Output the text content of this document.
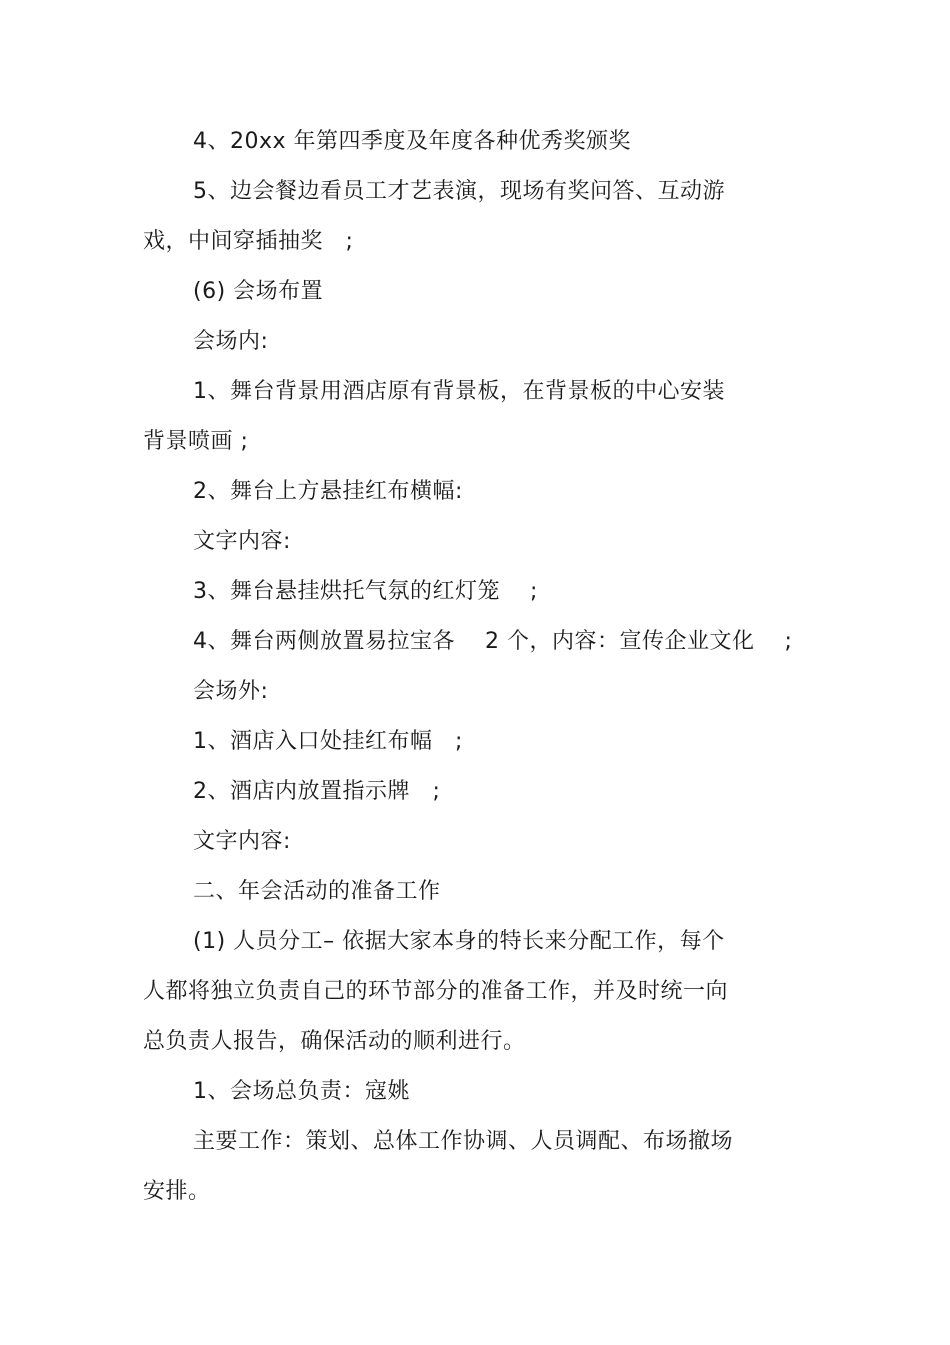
4、20xx 年第四季度及年度各种优秀奖颁奖
5、边会餐边看员工才艺表演，现场有奖问答、互动游
戏，中间穿插抽奖　;
(6) 会场布置
会场内:
1、舞台背景用酒店原有背景板，在背景板的中心安装
背景喷画 ;
2、舞台上方悬挂红布横幅:
文字内容:
3、舞台悬挂烘托气氛的红灯笼　 ;
4、舞台两侧放置易拉宝各　 2 个，内容：宣传企业文化　 ;
会场外:
1、酒店入口处挂红布幅　;
2、酒店内放置指示牌　;
文字内容:
二、年会活动的准备工作
(1) 人员分工– 依据大家本身的特长来分配工作，每个
人都将独立负责自己的环节部分的准备工作，并及时统一向
总负责人报告，确保活动的顺利进行。
1、会场总负责：寇姚
主要工作：策划、总体工作协调、人员调配、布场撤场
安排。
